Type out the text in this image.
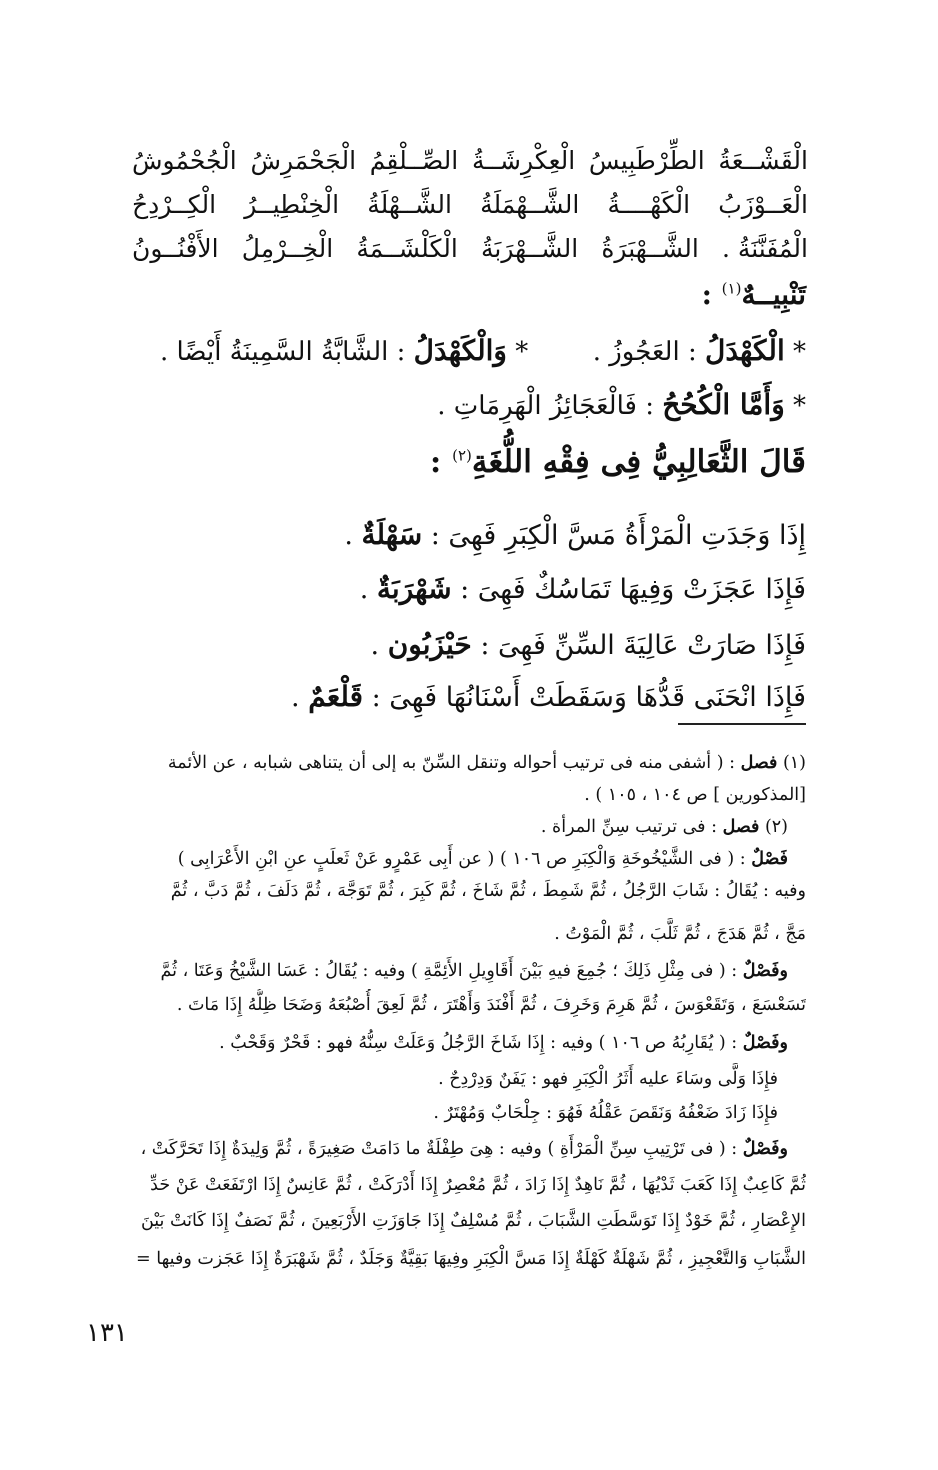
الْجُحْمُوشُ الْجَحْمَرِشُ الصِّــلْقِمُ الْعِكْرِشَــةُ الطِّرْطَبِيسُ الْقَشْــعَةُ
الْكِــرْدِحُ الْخِنْطِيــرُ الشَّــهْلَةُ الشَّــهْمَلَةُ الْكَهْــــةُ الْعَــوْزَبُ
الأَفْنُــونُ الْخِــرْمِلُ الْكَلْشَــمَةُ الشَّــهْرَبَةُ الشَّــهْبَرَةُ الْمُفَنَّنَةُ .
تَنْبِيــهٌ$^{(١)}$ :
* الْكَهْدَلُ : العَجُوزُ .  * وَالْكَهْدَلُ : الشَّابَّةُ السَّمِينَةُ أَيْضًا .
* وَأَمَّا الْكُحُحُ : فَالْعَجَائِزُ الْهَرِمَاتِ .
قَالَ الثَّعَالِبِيُّ فِى فِقْهِ اللُّغَةِ$^{(٢)}$ :
إِذَا وَجَدَتِ الْمَرْأَةُ مَسَّ الْكِبَرِ فَهِىَ : سَهْلَةٌ .
فَإِذَا عَجَزَتْ وَفِيهَا تَمَاسُكٌ فَهِىَ : شَهْرَبَةٌ .
فَإِذَا صَارَتْ عَالِيَةَ السِّنِّ فَهِىَ : حَيْزَبُون .
فَإِذَا انْحَنَى قَدُّهَا وَسَقَطَتْ أَسْنَانُهَا فَهِىَ : قَلْعَمٌ .
(١) فصل : ( أشفى منه فى ترتيب أحواله وتنقل السِّنّ به إلى أن يتناهى شبابه ، عن الأئمة
[المذكورين ] ص ١٠٤ ، ١٠٥ ) .
(٢) فصل : فى ترتيب سِنِّ المرأة .
فَصْلٌ : ( فى الشَّيْخُوخَةِ وَالْكِبَرِ ص ١٠٦ ) ( عن أَبِى عَمْرٍو عَنْ ثَعلَبٍ عنِ ابْنِ الأَعْرَابِى )
وفيه : يُقَالُ : شَابَ الرَّجُلُ ، ثُمَّ شَمِطَ ، ثُمَّ شَاخَ ، ثُمَّ كَبِرَ ، ثُمَّ تَوَجَّهَ ، ثُمَّ دَلَفَ ، ثُمَّ دَبَّ ، ثُمَّ
مَجَّ ، ثُمَّ هَدَجَ ، ثُمَّ ثَلَّبَ ، ثُمَّ الْمَوْتُ .
وفَصْلٌ : ( فى مِثْلِ ذَلِكَ ؛ جُمِعَ فيهِ بَيْنَ أَقَاوِيلِ الأَئِمَّةِ ) وفيه : يُقَالُ : عَسَا الشَّيْخُ وَعَتَا ، ثُمَّ
تَسَعْسَعَ ، وَتَقَعْوَسَ ، ثُمَّ هَرِمَ وَخَرِفَ ، ثُمَّ أَفْنَدَ وَأَهْتَرَ ، ثُمَّ لَعِقَ أُصْبُعَهُ وَضَحَا ظِلُّهُ إِذَا مَاتَ .
وفَصْلٌ : ( يُقَارِبُهُ ص ١٠٦ ) وفيه : إِذَا شَاخَ الرَّجُلُ وَعَلَتْ سِنُّهُ فهو : قَحْرٌ وَقَحْبٌ .
فإِذَا وَلَّى وسَاءَ عليه أَثَرُ الْكِبَرِ فهو : يَفَنٌ وَدِرْدِحٌ .
فإِذَا زَادَ ضَعْفُهُ وَنَقَصَ عَقْلُهُ فَهُوَ : جِلْحَابٌ وَمُهْتَرٌ .
وفَصْلٌ : ( فى تَرْتِيبِ سِنِّ الْمَرْأَةِ ) وفيه : هِىَ طِفْلَةٌ ما دَامَتْ صَغِيرَةً ، ثُمَّ وَلِيدَةٌ إِذَا تَحَرَّكَتْ ،
ثُمَّ كَاعِبٌ إِذَا كَعَبَ ثَدْيُهَا ، ثُمَّ نَاهِدٌ إِذَا زَادَ ، ثُمَّ مُعْصِرٌ إِذَا أَدْرَكَتْ ، ثُمَّ عَانِسٌ إِذَا ارْتَفَعَتْ عَنْ حَدِّ
الإِعْصَارِ ، ثُمَّ خَوْدٌ إِذَا تَوَسَّطَتِ الشَّبَابَ ، ثُمَّ مُسْلِفٌ إِذَا جَاوَزَتِ الأَرْبَعِينَ ، ثُمَّ نَصَفٌ إِذَا كَانَتْ بَيْنَ
الشَّبَابِ وَالتَّعْجِيزِ ، ثُمَّ شَهْلَةٌ كَهْلَةٌ إِذَا مَسَّ الْكِبَرِ وفِيهَا بَقِيَّةٌ وَجَلَدٌ ، ثُمَّ شَهْبَرَةٌ إِذَا عَجَزت وفيها =
١٣١
